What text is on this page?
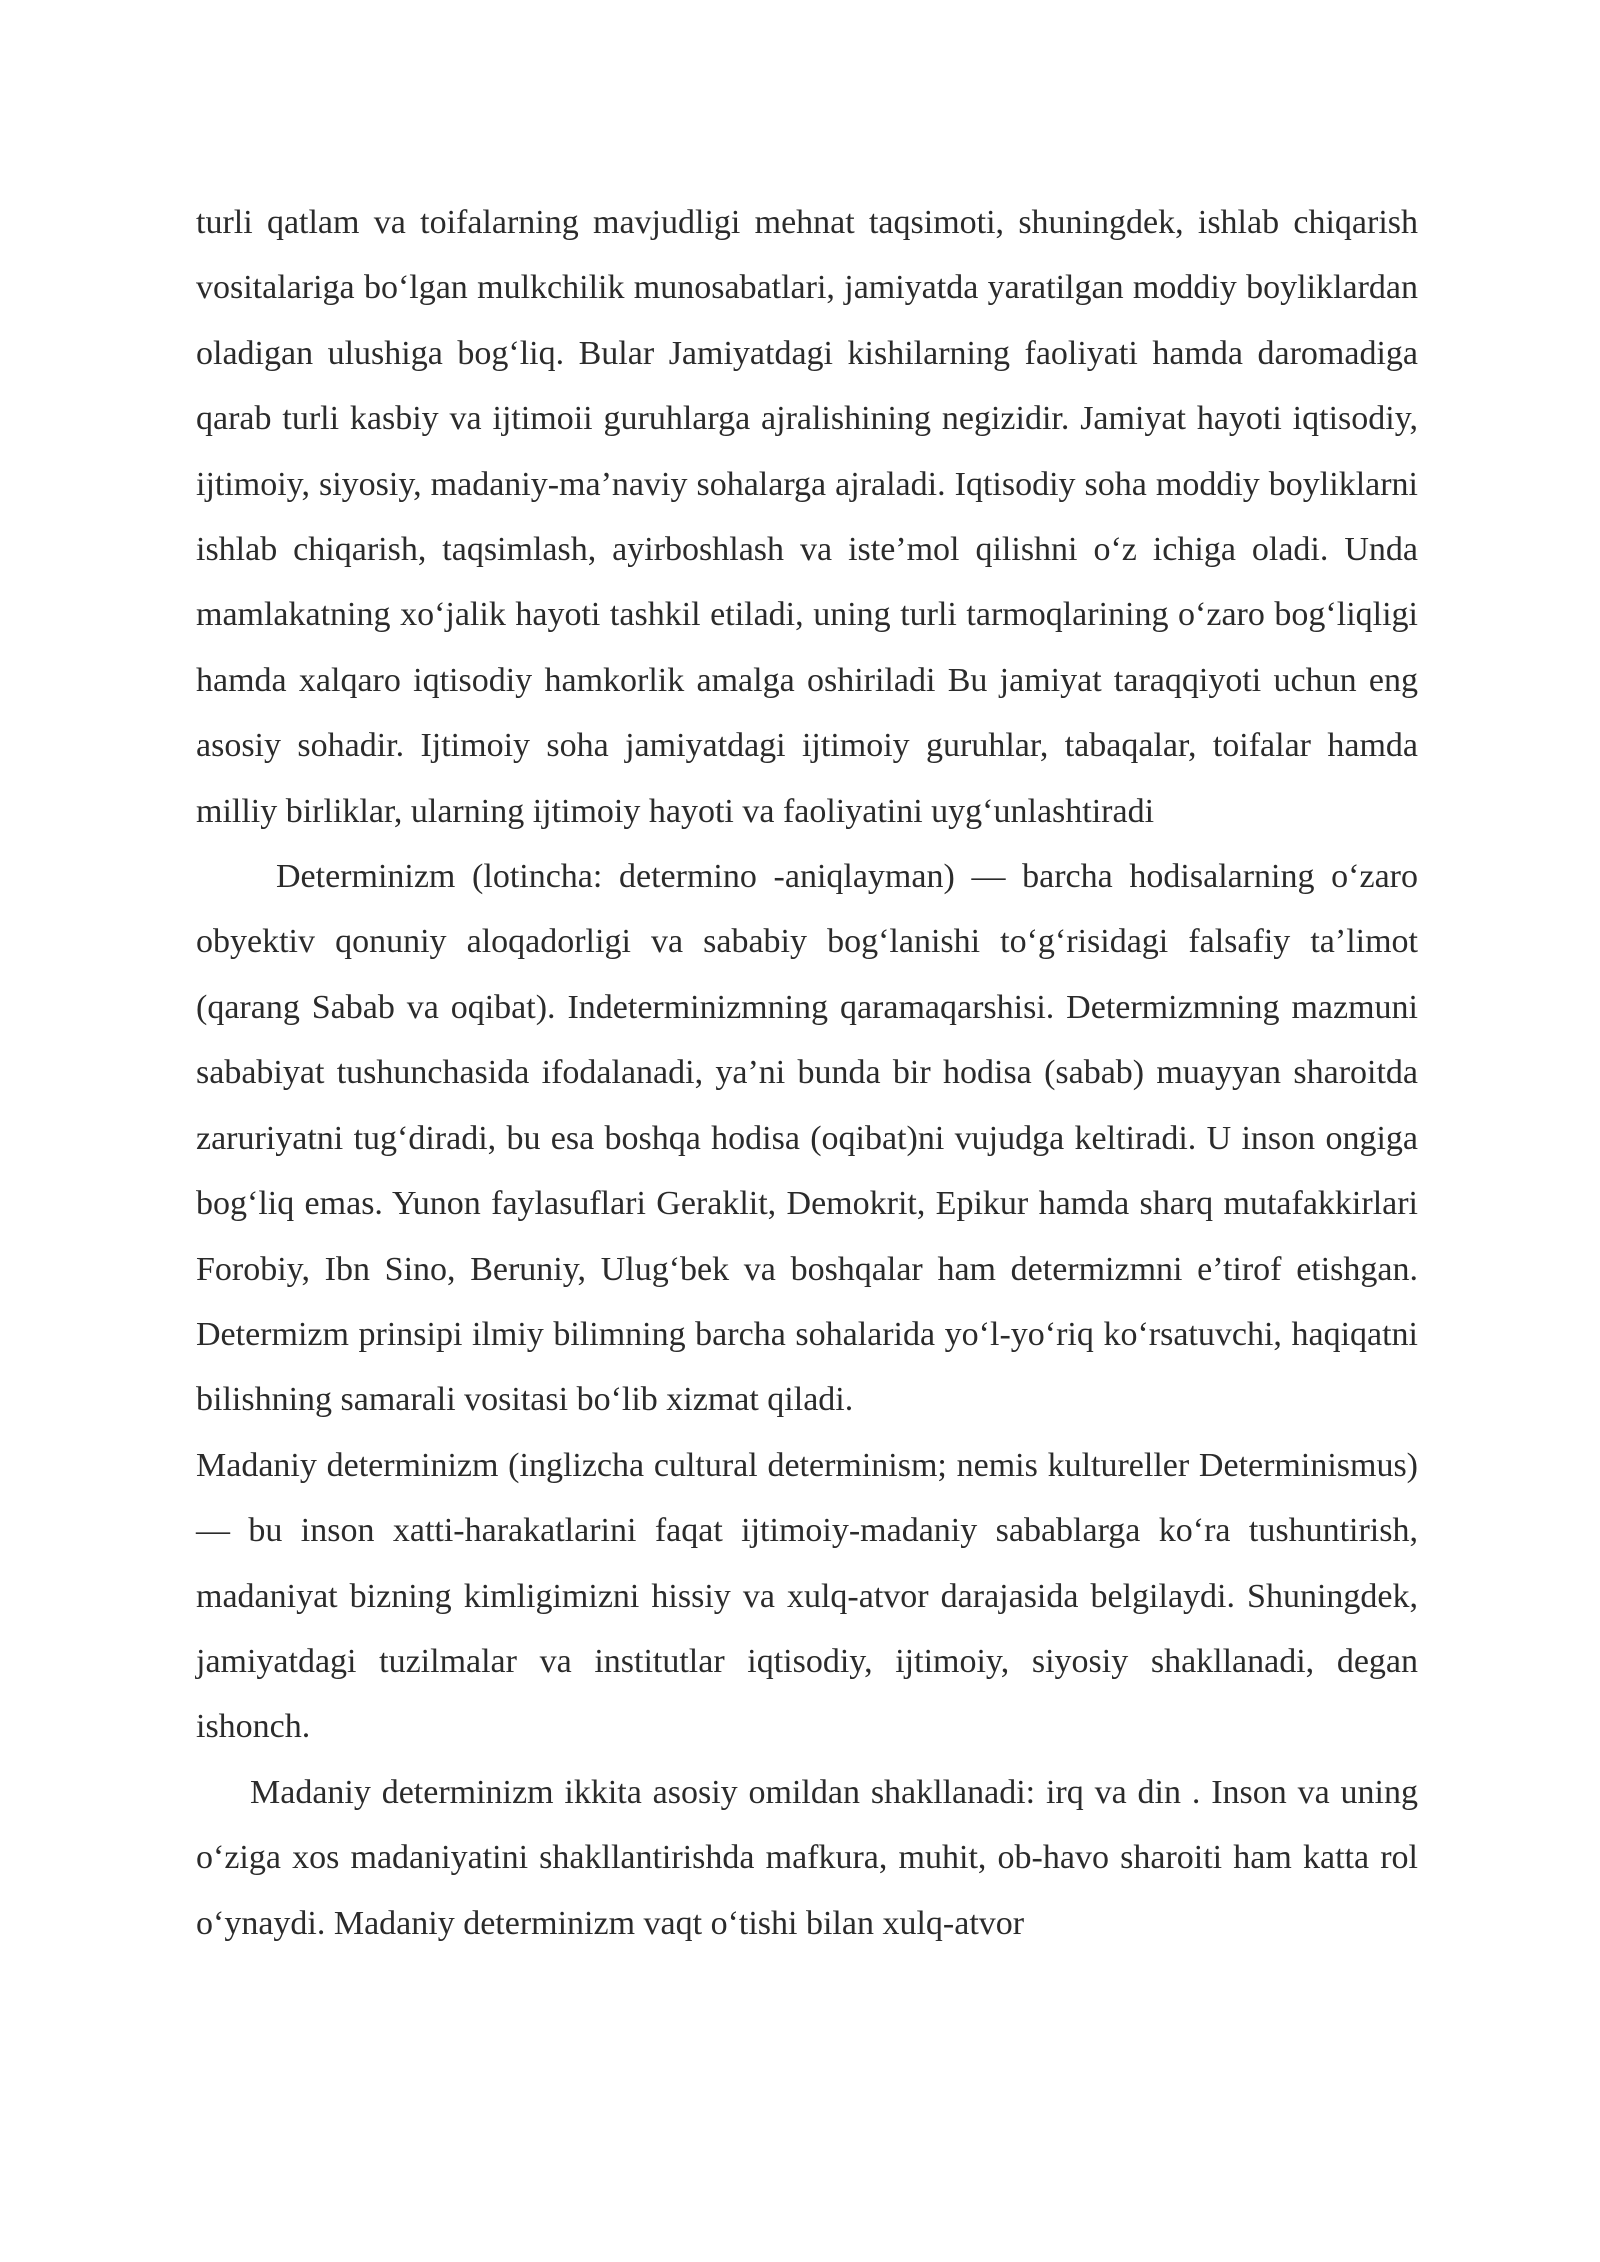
turli qatlam va toifalarning mavjudligi mehnat taqsimoti, shuningdek, ishlab chiqarish vositalariga bo‘lgan mulkchilik munosabatlari, jamiyatda yaratilgan moddiy boyliklardan oladigan ulushiga bog‘liq. Bular Jamiyatdagi kishilarning faoliyati hamda daromadiga qarab turli kasbiy va ijtimoii guruhlarga ajralishining negizidir. Jamiyat hayoti iqtisodiy, ijtimoiy, siyosiy, madaniy-ma’naviy sohalarga ajraladi. Iqtisodiy soha moddiy boyliklarni ishlab chiqarish, taqsimlash, ayirboshlash va iste’mol qilishni o‘z ichiga oladi. Unda mamlakatning xo‘jalik hayoti tashkil etiladi, uning turli tarmoqlarining o‘zaro bog‘liqligi hamda xalqaro iqtisodiy hamkorlik amalga oshiriladi Bu jamiyat taraqqiyoti uchun eng asosiy sohadir. Ijtimoiy soha jamiyatdagi ijtimoiy guruhlar, tabaqalar, toifalar hamda milliy birliklar, ularning ijtimoiy hayoti va faoliyatini uyg‘unlashtiradi

Determinizm (lotincha: determino -aniqlayman) — barcha hodisalarning o‘zaro obyektiv qonuniy aloqadorligi va sababiy bog‘lanishi to‘g‘risidagi falsafiy ta’limot (qarang Sabab va oqibat). Indeterminizmning qaramaqarshisi. Determizmning mazmuni sababiyat tushunchasida ifodalanadi, ya’ni bunda bir hodisa (sabab) muayyan sharoitda zaruriyatni tug‘diradi, bu esa boshqa hodisa (oqibat)ni vujudga keltiradi. U inson ongiga bog‘liq emas. Yunon faylasuflari Geraklit, Demokrit, Epikur hamda sharq mutafakkirlari Forobiy, Ibn Sino, Beruniy, Ulug‘bek va boshqalar ham determizmni e’tirof etishgan. Determizm prinsipi ilmiy bilimning barcha sohalarida yo‘l-yo‘riq ko‘rsatuvchi, haqiqatni bilishning samarali vositasi bo‘lib xizmat qiladi.

Madaniy determinizm (inglizcha cultural determinism; nemis kultureller Determinismus) — bu inson xatti-harakatlarini faqat ijtimoiy-madaniy sabablarga ko‘ra tushuntirish, madaniyat bizning kimligimizni hissiy va xulq-atvor darajasida belgilaydi. Shuningdek, jamiyatdagi tuzilmalar va institutlar iqtisodiy, ijtimoiy, siyosiy shakllanadi, degan ishonch.

Madaniy determinizm ikkita asosiy omildan shakllanadi: irq va din . Inson va uning o‘ziga xos madaniyatini shakllantirishda mafkura, muhit, ob-havo sharoiti ham katta rol o‘ynaydi. Madaniy determinizm vaqt o‘tishi bilan xulq-atvor
